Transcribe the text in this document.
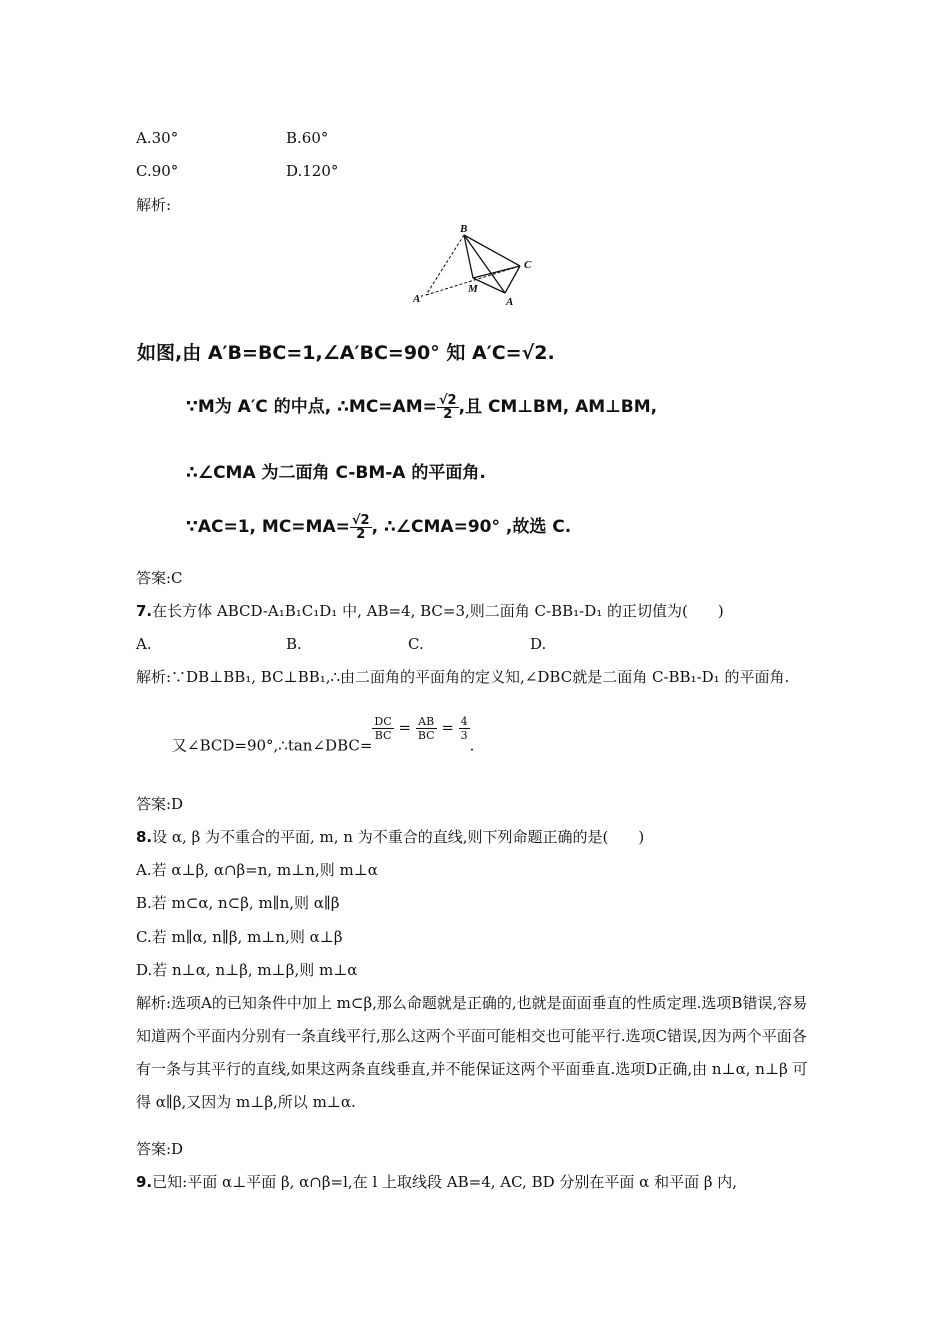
A.30°	B.60°
C.90°	D.120°
解析:
B
C
A′
M
A
如图,由 A′B=BC=1,∠A′BC=90° 知 A′C=√2.
∵M为 A′C 的中点, ∴MC=AM= $\frac{√2}{2}$ ,且 CM⊥BM, AM⊥BM,
∴∠CMA 为二面角 C-BM-A 的平面角.
∵AC=1, $MC=MA= \frac{√2}{2}$ , ∴∠CMA=90° ,故选 C.
答案:C
7.在长方体 ABCD-A₁B₁C₁D₁ 中, AB=4, BC=3,则二面角 C-BB₁-D₁ 的正切值为(　　)
A.	B.	C.	D.
解析:∵DB⊥BB₁, BC⊥BB₁,∴由二面角的平面角的定义知,∠DBC就是二面角 C-BB₁-D₁ 的平面角.
又∠BCD=90°,∴tan∠DBC=
$\frac{DC}{BC} = \frac{AB}{BC} = \frac{4}{3}$
.
答案:D
8.设 α, β 为不重合的平面, m, n 为不重合的直线,则下列命题正确的是(　　)
A.若 α⊥β, α∩β=n, m⊥n,则 m⊥α
B.若 m⊂α, n⊂β, m∥n,则 α∥β
C.若 m∥α, n∥β, m⊥n,则 α⊥β
D.若 n⊥α, n⊥β, m⊥β,则 m⊥α
解析:选项A的已知条件中加上 m⊂β,那么命题就是正确的,也就是面面垂直的性质定理.选项B错误,容易知道两个平面内分别有一条直线平行,那么这两个平面可能相交也可能平行.选项C错误,因为两个平面各有一条与其平行的直线,如果这两条直线垂直,并不能保证这两个平面垂直.选项D正确,由 n⊥α, n⊥β 可得 α∥β,又因为 m⊥β,所以 m⊥α.
答案:D
9.已知:平面 α⊥平面 β, α∩β=l,在 l 上取线段 AB=4, AC, BD 分别在平面 α 和平面 β 内,
